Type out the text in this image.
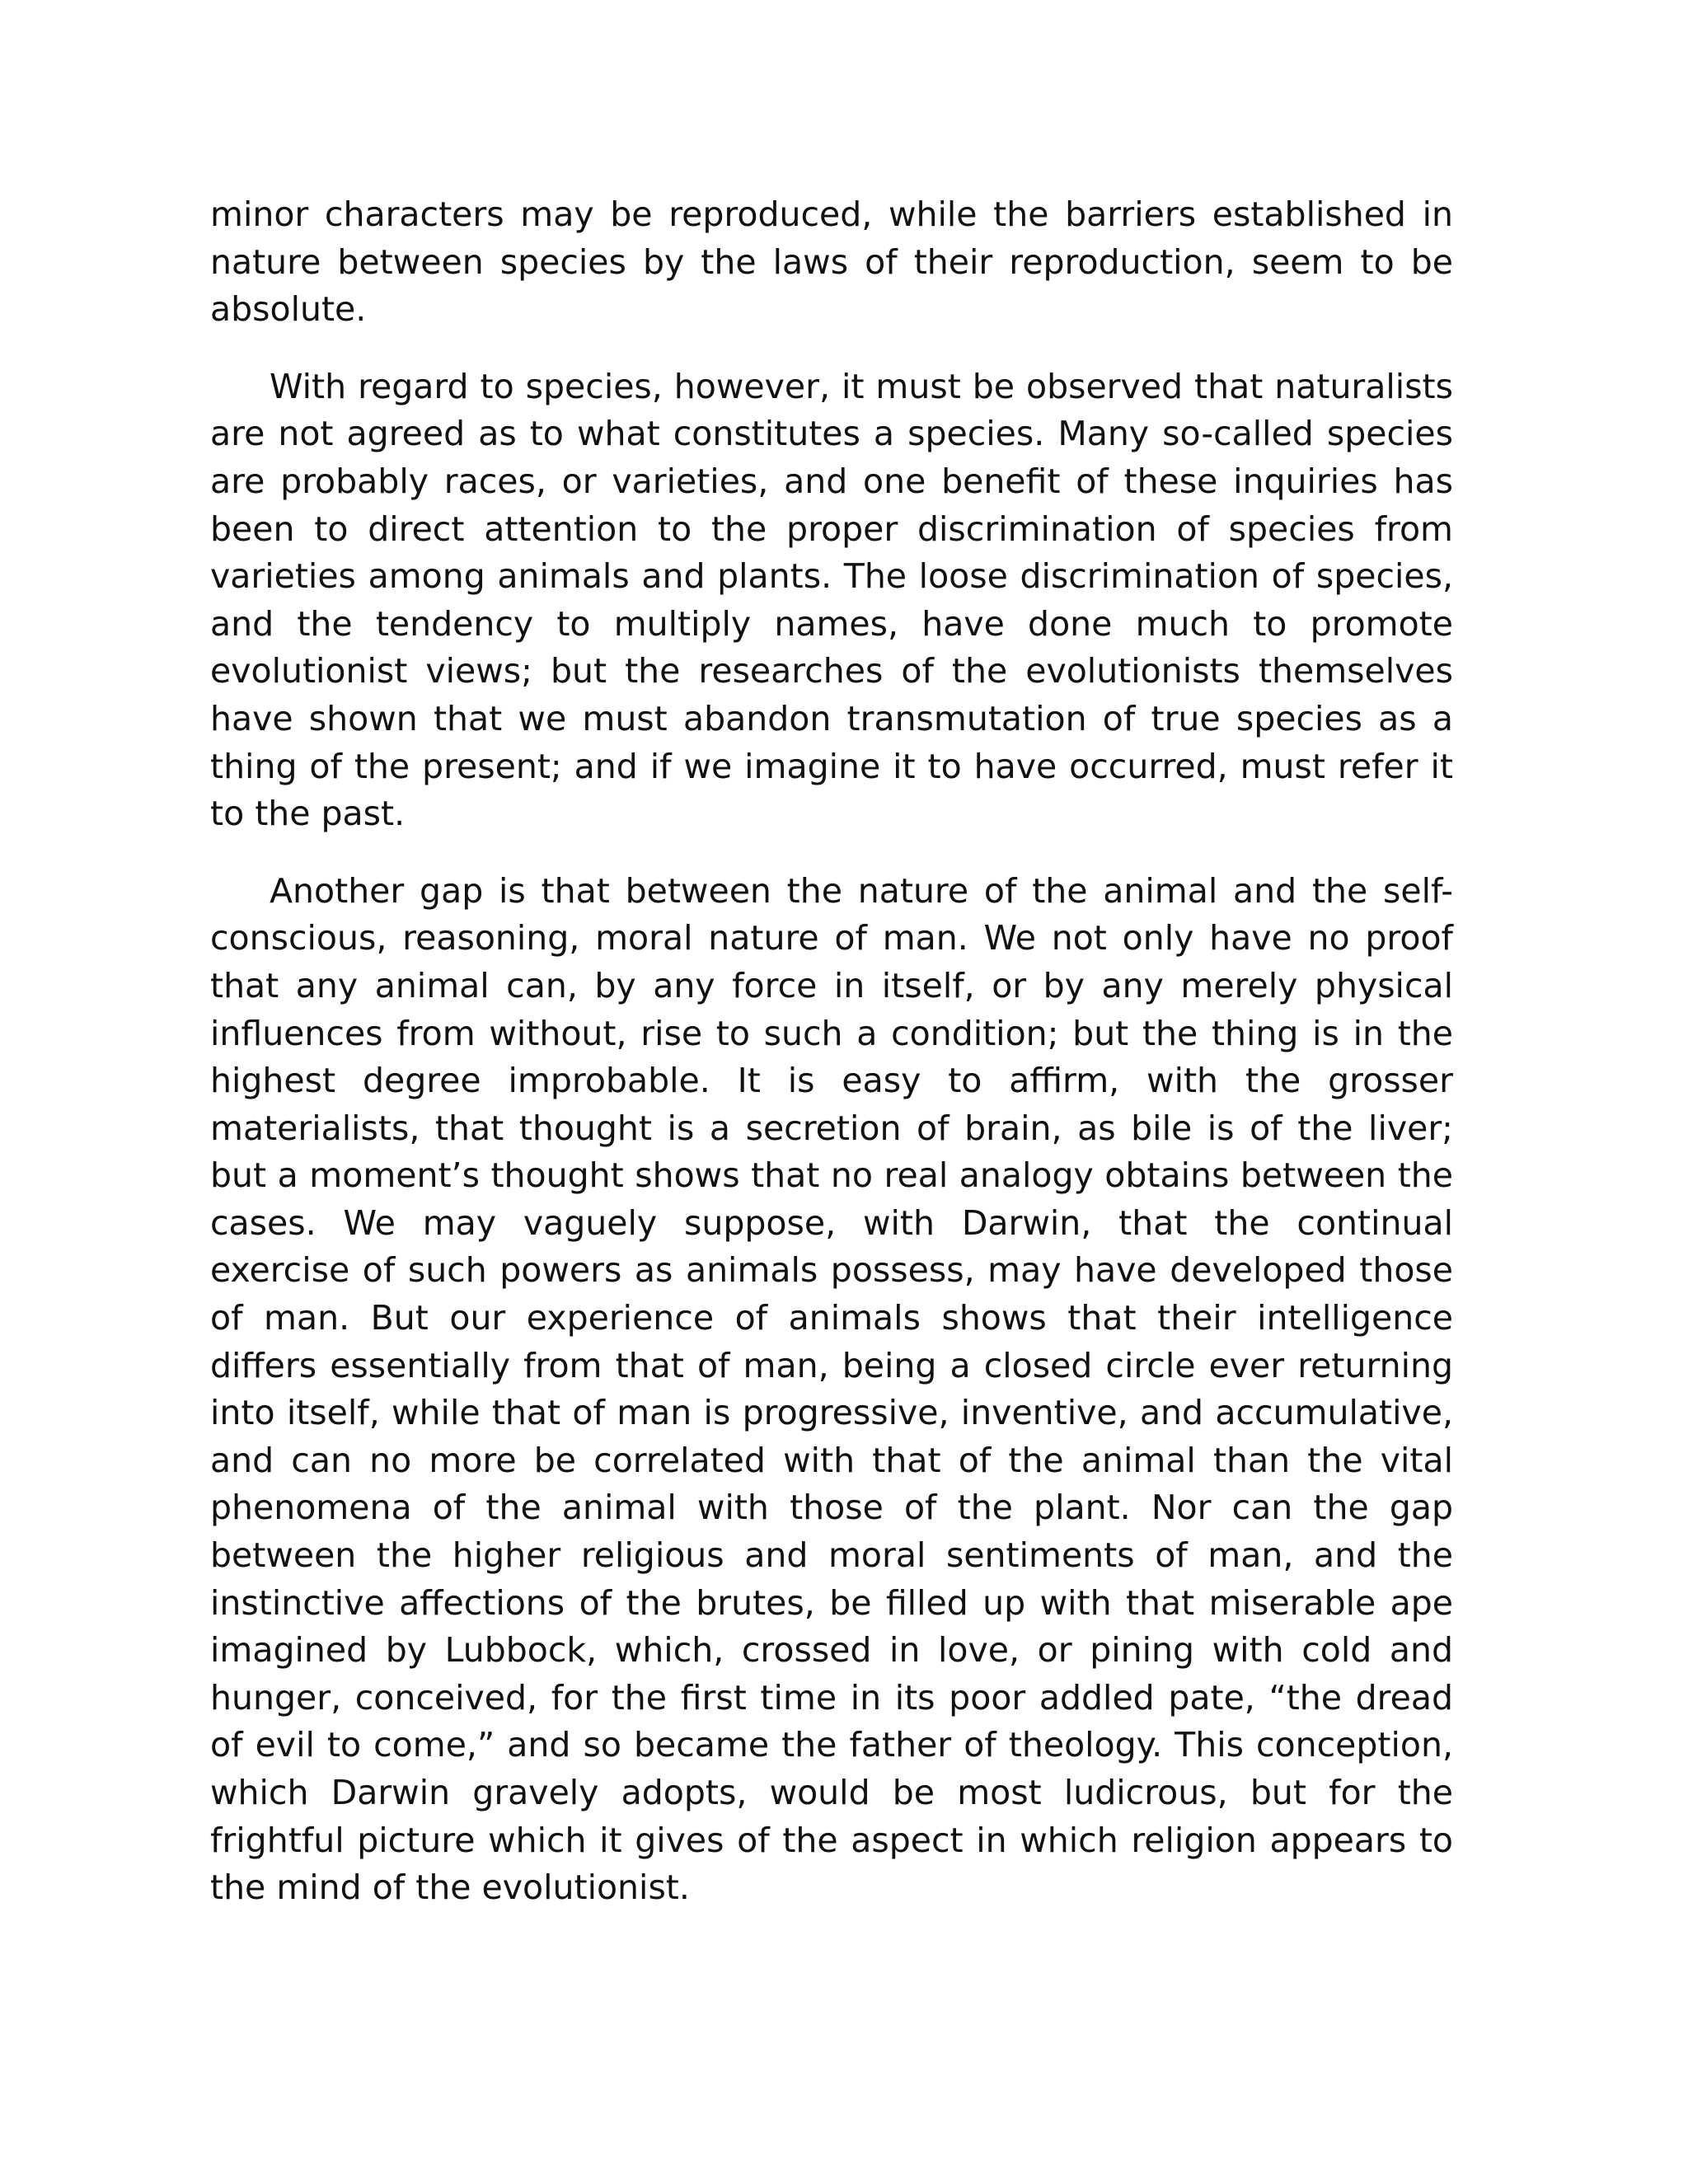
minor characters may be reproduced, while the barriers established in nature between species by the laws of their reproduction, seem to be absolute.

With regard to species, however, it must be observed that naturalists are not agreed as to what constitutes a species. Many so-called species are probably races, or varieties, and one benefit of these inquiries has been to direct attention to the proper discrimination of species from varieties among animals and plants. The loose discrimination of species, and the tendency to multiply names, have done much to promote evolutionist views; but the researches of the evolutionists themselves have shown that we must abandon transmutation of true species as a thing of the present; and if we imagine it to have occurred, must refer it to the past.

Another gap is that between the nature of the animal and the self-conscious, reasoning, moral nature of man. We not only have no proof that any animal can, by any force in itself, or by any merely physical influences from without, rise to such a condition; but the thing is in the highest degree improbable. It is easy to affirm, with the grosser materialists, that thought is a secretion of brain, as bile is of the liver; but a moment’s thought shows that no real analogy obtains between the cases. We may vaguely suppose, with Darwin, that the continual exercise of such powers as animals possess, may have developed those of man. But our experience of animals shows that their intelligence differs essentially from that of man, being a closed circle ever returning into itself, while that of man is progressive, inventive, and accumulative, and can no more be correlated with that of the animal than the vital phenomena of the animal with those of the plant. Nor can the gap between the higher religious and moral sentiments of man, and the instinctive affections of the brutes, be filled up with that miserable ape imagined by Lubbock, which, crossed in love, or pining with cold and hunger, conceived, for the first time in its poor addled pate, “the dread of evil to come,” and so became the father of theology. This conception, which Darwin gravely adopts, would be most ludicrous, but for the frightful picture which it gives of the aspect in which religion appears to the mind of the evolutionist.
